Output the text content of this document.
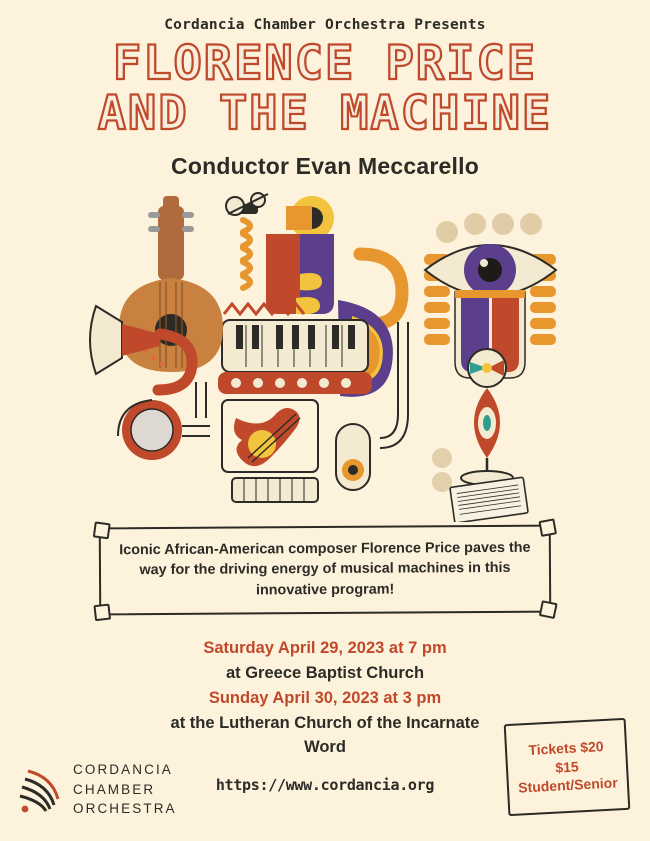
Cordancia Chamber Orchestra Presents
FLORENCE PRICE
AND THE MACHINE
Conductor Evan Meccarello
Iconic African-American composer Florence Price paves the way for the driving energy of musical machines in this innovative program!
Saturday April 29, 2023 at 7 pm
at Greece Baptist Church
Sunday April 30, 2023 at 3 pm
at the Lutheran Church of the Incarnate
Word
https://www.cordancia.org
CORDANCIA
CHAMBER
ORCHESTRA
Tickets $20
$15
Student/Senior
